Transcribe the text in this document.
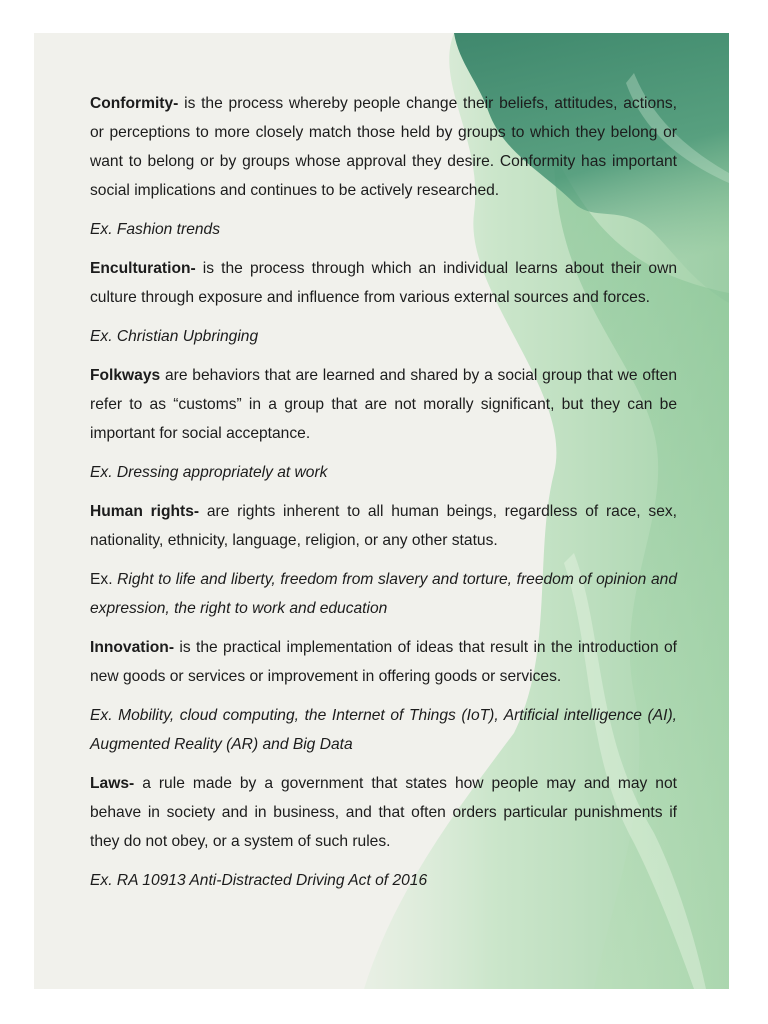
Conformity- is the process whereby people change their beliefs, attitudes, actions, or perceptions to more closely match those held by groups to which they belong or want to belong or by groups whose approval they desire. Conformity has important social implications and continues to be actively researched.

Ex. Fashion trends

Enculturation- is the process through which an individual learns about their own culture through exposure and influence from various external sources and forces.

Ex. Christian Upbringing

Folkways are behaviors that are learned and shared by a social group that we often refer to as “customs” in a group that are not morally significant, but they can be important for social acceptance.

Ex. Dressing appropriately at work

Human rights- are rights inherent to all human beings, regardless of race, sex, nationality, ethnicity, language, religion, or any other status.

Ex. Right to life and liberty, freedom from slavery and torture, freedom of opinion and expression, the right to work and education

Innovation- is the practical implementation of ideas that result in the introduction of new goods or services or improvement in offering goods or services.

Ex. Mobility, cloud computing, the Internet of Things (IoT), Artificial intelligence (AI), Augmented Reality (AR) and Big Data

Laws- a rule made by a government that states how people may and may not behave in society and in business, and that often orders particular punishments if they do not obey, or a system of such rules.

Ex. RA 10913 Anti-Distracted Driving Act of 2016
